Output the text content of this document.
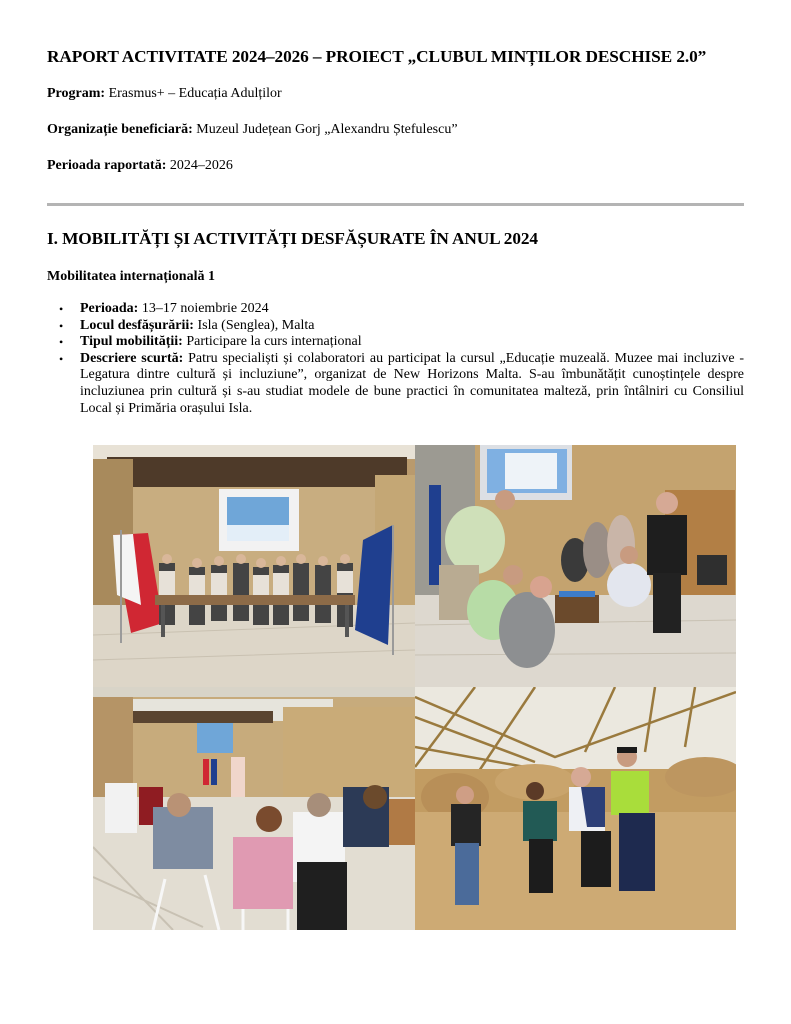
RAPORT ACTIVITATE 2024–2026 – PROIECT „CLUBUL MINȚILOR DESCHISE 2.0”

Program: Erasmus+ – Educația Adulților

Organizație beneficiară: Muzeul Județean Gorj „Alexandru Ștefulescu”

Perioada raportată: 2024–2026

I. MOBILITĂȚI ȘI ACTIVITĂȚI DESFĂȘURATE ÎN ANUL 2024
Mobilitatea internațională 1
• Perioada: 13–17 noiembrie 2024
• Locul desfășurării: Isla (Senglea), Malta
• Tipul mobilității: Participare la curs internațional
• Descriere scurtă: Patru specialiști și colaboratori au participat la cursul „Educație muzeală. Muzee mai incluzive - Legatura dintre cultură și incluziune”, organizat de New Horizons Malta. S-au îmbunătățit cunoștințele despre incluziunea prin cultură și s-au studiat modele de bune practici în comunitatea malteză, prin întâlniri cu Consiliul Local și Primăria orașului Isla.
